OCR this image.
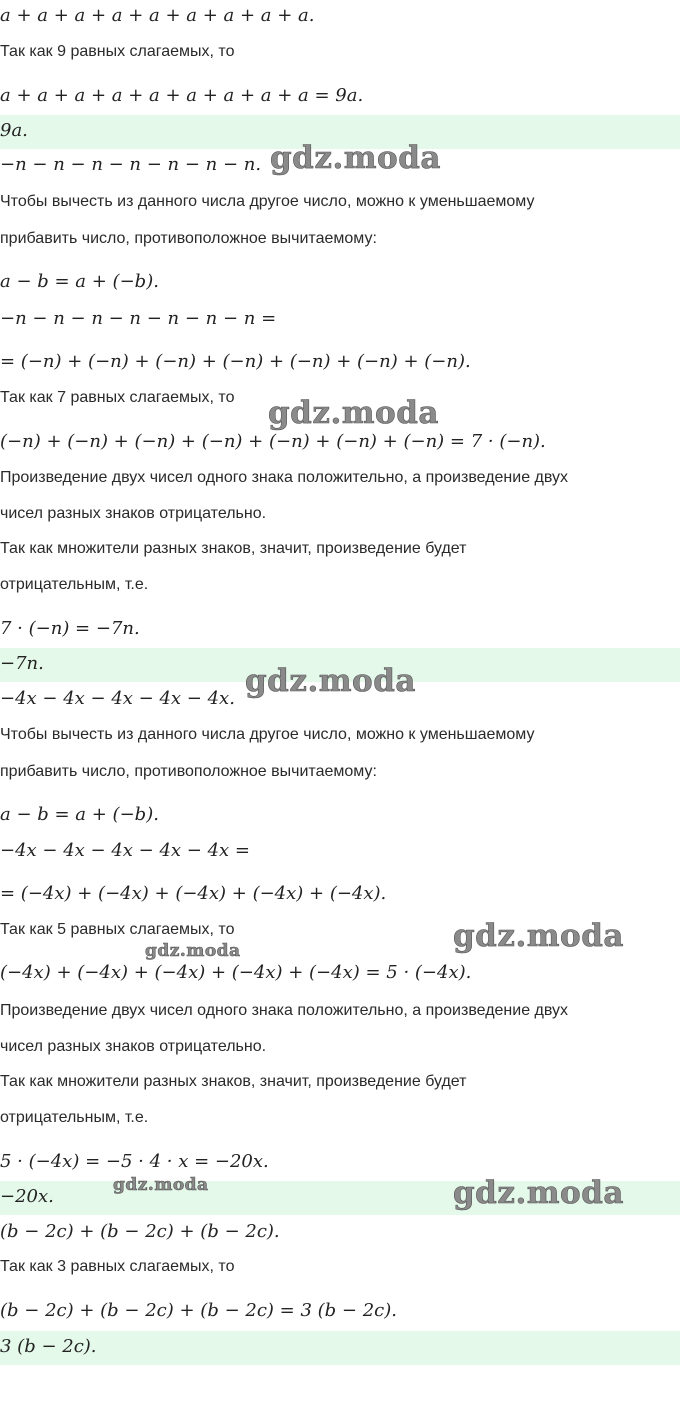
a + a + a + a + a + a + a + a + a.
Так как 9 равных слагаемых, то
a + a + a + a + a + a + a + a + a = 9a.
9a.
−n − n − n − n − n − n − n.
Чтобы вычесть из данного числа другое число, можно к уменьшаемому
прибавить число, противоположное вычитаемому:
a − b = a + (−b).
−n − n − n − n − n − n − n =
= (−n) + (−n) + (−n) + (−n) + (−n) + (−n) + (−n).
Так как 7 равных слагаемых, то
(−n) + (−n) + (−n) + (−n) + (−n) + (−n) + (−n) = 7 · (−n).
Произведение двух чисел одного знака положительно, а произведение двух
чисел разных знаков отрицательно.
Так как множители разных знаков, значит, произведение будет
отрицательным, т.е.
7 · (−n) = −7n.
−7n.
−4x − 4x − 4x − 4x − 4x.
Чтобы вычесть из данного числа другое число, можно к уменьшаемому
прибавить число, противоположное вычитаемому:
a − b = a + (−b).
−4x − 4x − 4x − 4x − 4x =
= (−4x) + (−4x) + (−4x) + (−4x) + (−4x).
Так как 5 равных слагаемых, то
(−4x) + (−4x) + (−4x) + (−4x) + (−4x) = 5 · (−4x).
Произведение двух чисел одного знака положительно, а произведение двух
чисел разных знаков отрицательно.
Так как множители разных знаков, значит, произведение будет
отрицательным, т.е.
5 · (−4x) = −5 · 4 · x = −20x.
−20x.
(b − 2c) + (b − 2c) + (b − 2c).
Так как 3 равных слагаемых, то
(b − 2c) + (b − 2c) + (b − 2c) = 3 (b − 2c).
3 (b − 2c).
gdz.moda
gdz.moda
gdz.moda
gdz.moda
gdz.moda
gdz.moda
gdz.moda
